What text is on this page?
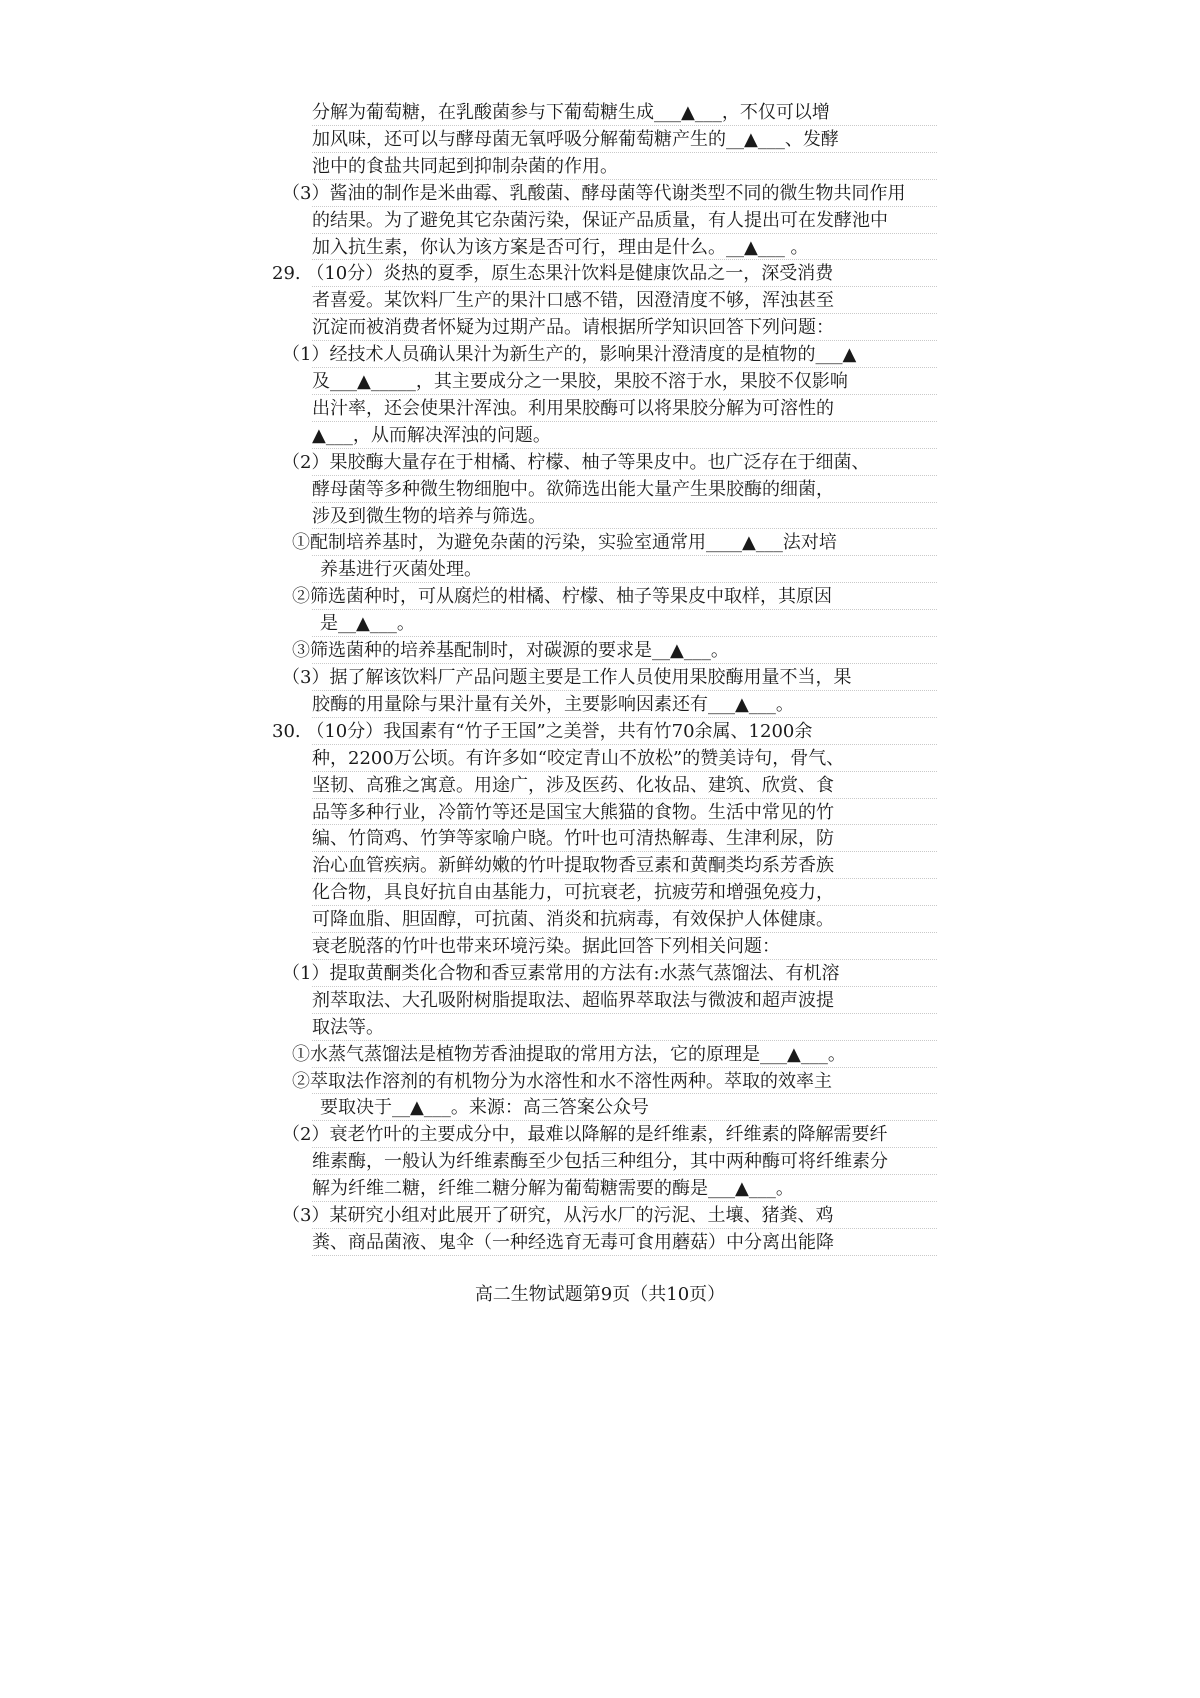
分解为葡萄糖，在乳酸菌参与下葡萄糖生成___▲___，不仅可以增
加风味，还可以与酵母菌无氧呼吸分解葡萄糖产生的__▲___、发酵
池中的食盐共同起到抑制杂菌的作用。
（3）酱油的制作是米曲霉、乳酸菌、酵母菌等代谢类型不同的微生物共同作用
的结果。为了避免其它杂菌污染，保证产品质量，有人提出可在发酵池中
加入抗生素，你认为该方案是否可行，理由是什么。__▲___ 。
29. （10分）炎热的夏季，原生态果汁饮料是健康饮品之一，深受消费
者喜爱。某饮料厂生产的果汁口感不错，因澄清度不够，浑浊甚至
沉淀而被消费者怀疑为过期产品。请根据所学知识回答下列问题：
（1）经技术人员确认果汁为新生产的，影响果汁澄清度的是植物的___▲
及___▲_____，其主要成分之一果胶，果胶不溶于水，果胶不仅影响
出汁率，还会使果汁浑浊。利用果胶酶可以将果胶分解为可溶性的
▲___，从而解决浑浊的问题。
（2）果胶酶大量存在于柑橘、柠檬、柚子等果皮中。也广泛存在于细菌、
酵母菌等多种微生物细胞中。欲筛选出能大量产生果胶酶的细菌，
涉及到微生物的培养与筛选。
①配制培养基时，为避免杂菌的污染，实验室通常用____▲___法对培
养基进行灭菌处理。
②筛选菌种时，可从腐烂的柑橘、柠檬、柚子等果皮中取样，其原因
是__▲___。
③筛选菌种的培养基配制时，对碳源的要求是__▲___。
（3）据了解该饮料厂产品问题主要是工作人员使用果胶酶用量不当，果
胶酶的用量除与果汁量有关外，主要影响因素还有___▲___。
30. （10分）我国素有“竹子王国”之美誉，共有竹70余属、1200余
种，2200万公顷。有许多如“咬定青山不放松”的赞美诗句，骨气、
坚韧、高雅之寓意。用途广，涉及医药、化妆品、建筑、欣赏、食
品等多种行业，冷箭竹等还是国宝大熊猫的食物。生活中常见的竹
编、竹筒鸡、竹笋等家喻户晓。竹叶也可清热解毒、生津利尿，防
治心血管疾病。新鲜幼嫩的竹叶提取物香豆素和黄酮类均系芳香族
化合物，具良好抗自由基能力，可抗衰老，抗疲劳和增强免疫力，
可降血脂、胆固醇，可抗菌、消炎和抗病毒，有效保护人体健康。
衰老脱落的竹叶也带来环境污染。据此回答下列相关问题：
（1）提取黄酮类化合物和香豆素常用的方法有:水蒸气蒸馏法、有机溶
剂萃取法、大孔吸附树脂提取法、超临界萃取法与微波和超声波提
取法等。
①水蒸气蒸馏法是植物芳香油提取的常用方法，它的原理是___▲___。
②萃取法作溶剂的有机物分为水溶性和水不溶性两种。萃取的效率主
要取决于__▲___。来源：高三答案公众号
（2）衰老竹叶的主要成分中，最难以降解的是纤维素，纤维素的降解需要纤
维素酶，一般认为纤维素酶至少包括三种组分，其中两种酶可将纤维素分
解为纤维二糖，纤维二糖分解为葡萄糖需要的酶是___▲___。
（3）某研究小组对此展开了研究，从污水厂的污泥、土壤、猪粪、鸡
粪、商品菌液、鬼伞（一种经选育无毒可食用蘑菇）中分离出能降
高二生物试题第9页（共10页）
